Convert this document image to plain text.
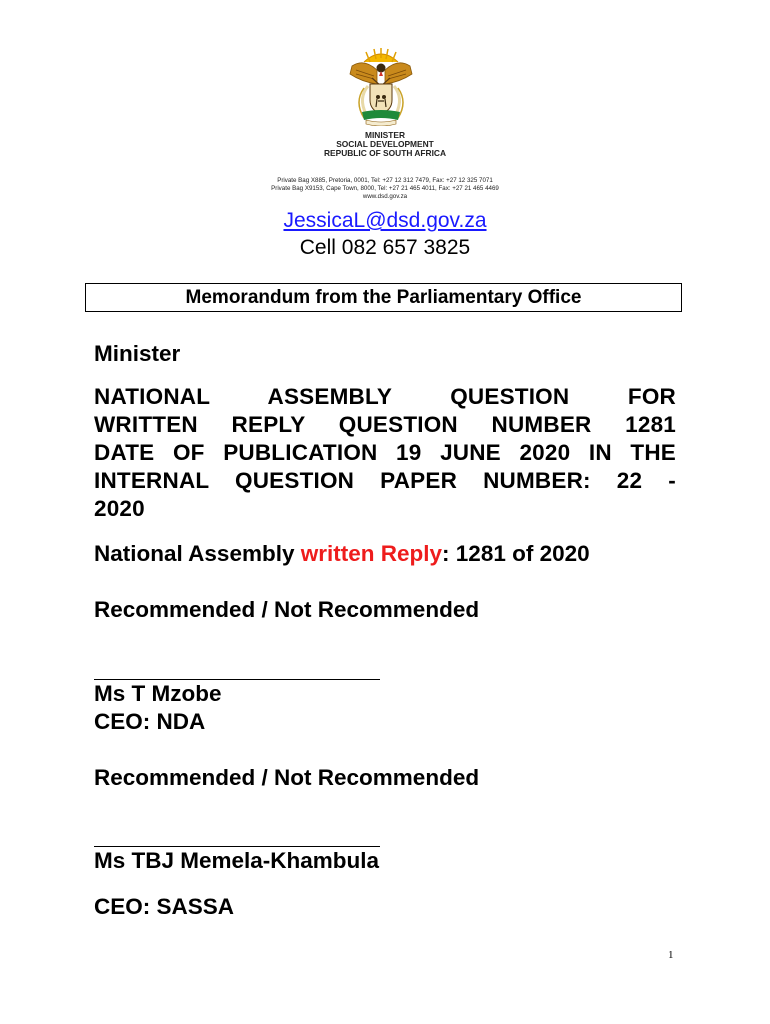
MINISTER
SOCIAL DEVELOPMENT
REPUBLIC OF SOUTH AFRICA
Private Bag X885, Pretoria, 0001, Tel: +27 12 312 7479, Fax: +27 12 325 7071
Private Bag X9153, Cape Town, 8000, Tel: +27 21 465 4011, Fax: +27 21 465 4469
www.dsd.gov.za
JessicaL@dsd.gov.za
Cell 082 657 3825
Memorandum from the Parliamentary Office
Minister
NATIONAL ASSEMBLY QUESTION FOR
WRITTEN REPLY QUESTION NUMBER 1281
DATE OF PUBLICATION 19 JUNE 2020 IN THE
INTERNAL QUESTION PAPER NUMBER: 22 -
2020
National Assembly written Reply: 1281 of 2020
Recommended / Not Recommended
Ms T Mzobe
CEO: NDA
Recommended / Not Recommended
Ms TBJ Memela-Khambula
CEO: SASSA
1
